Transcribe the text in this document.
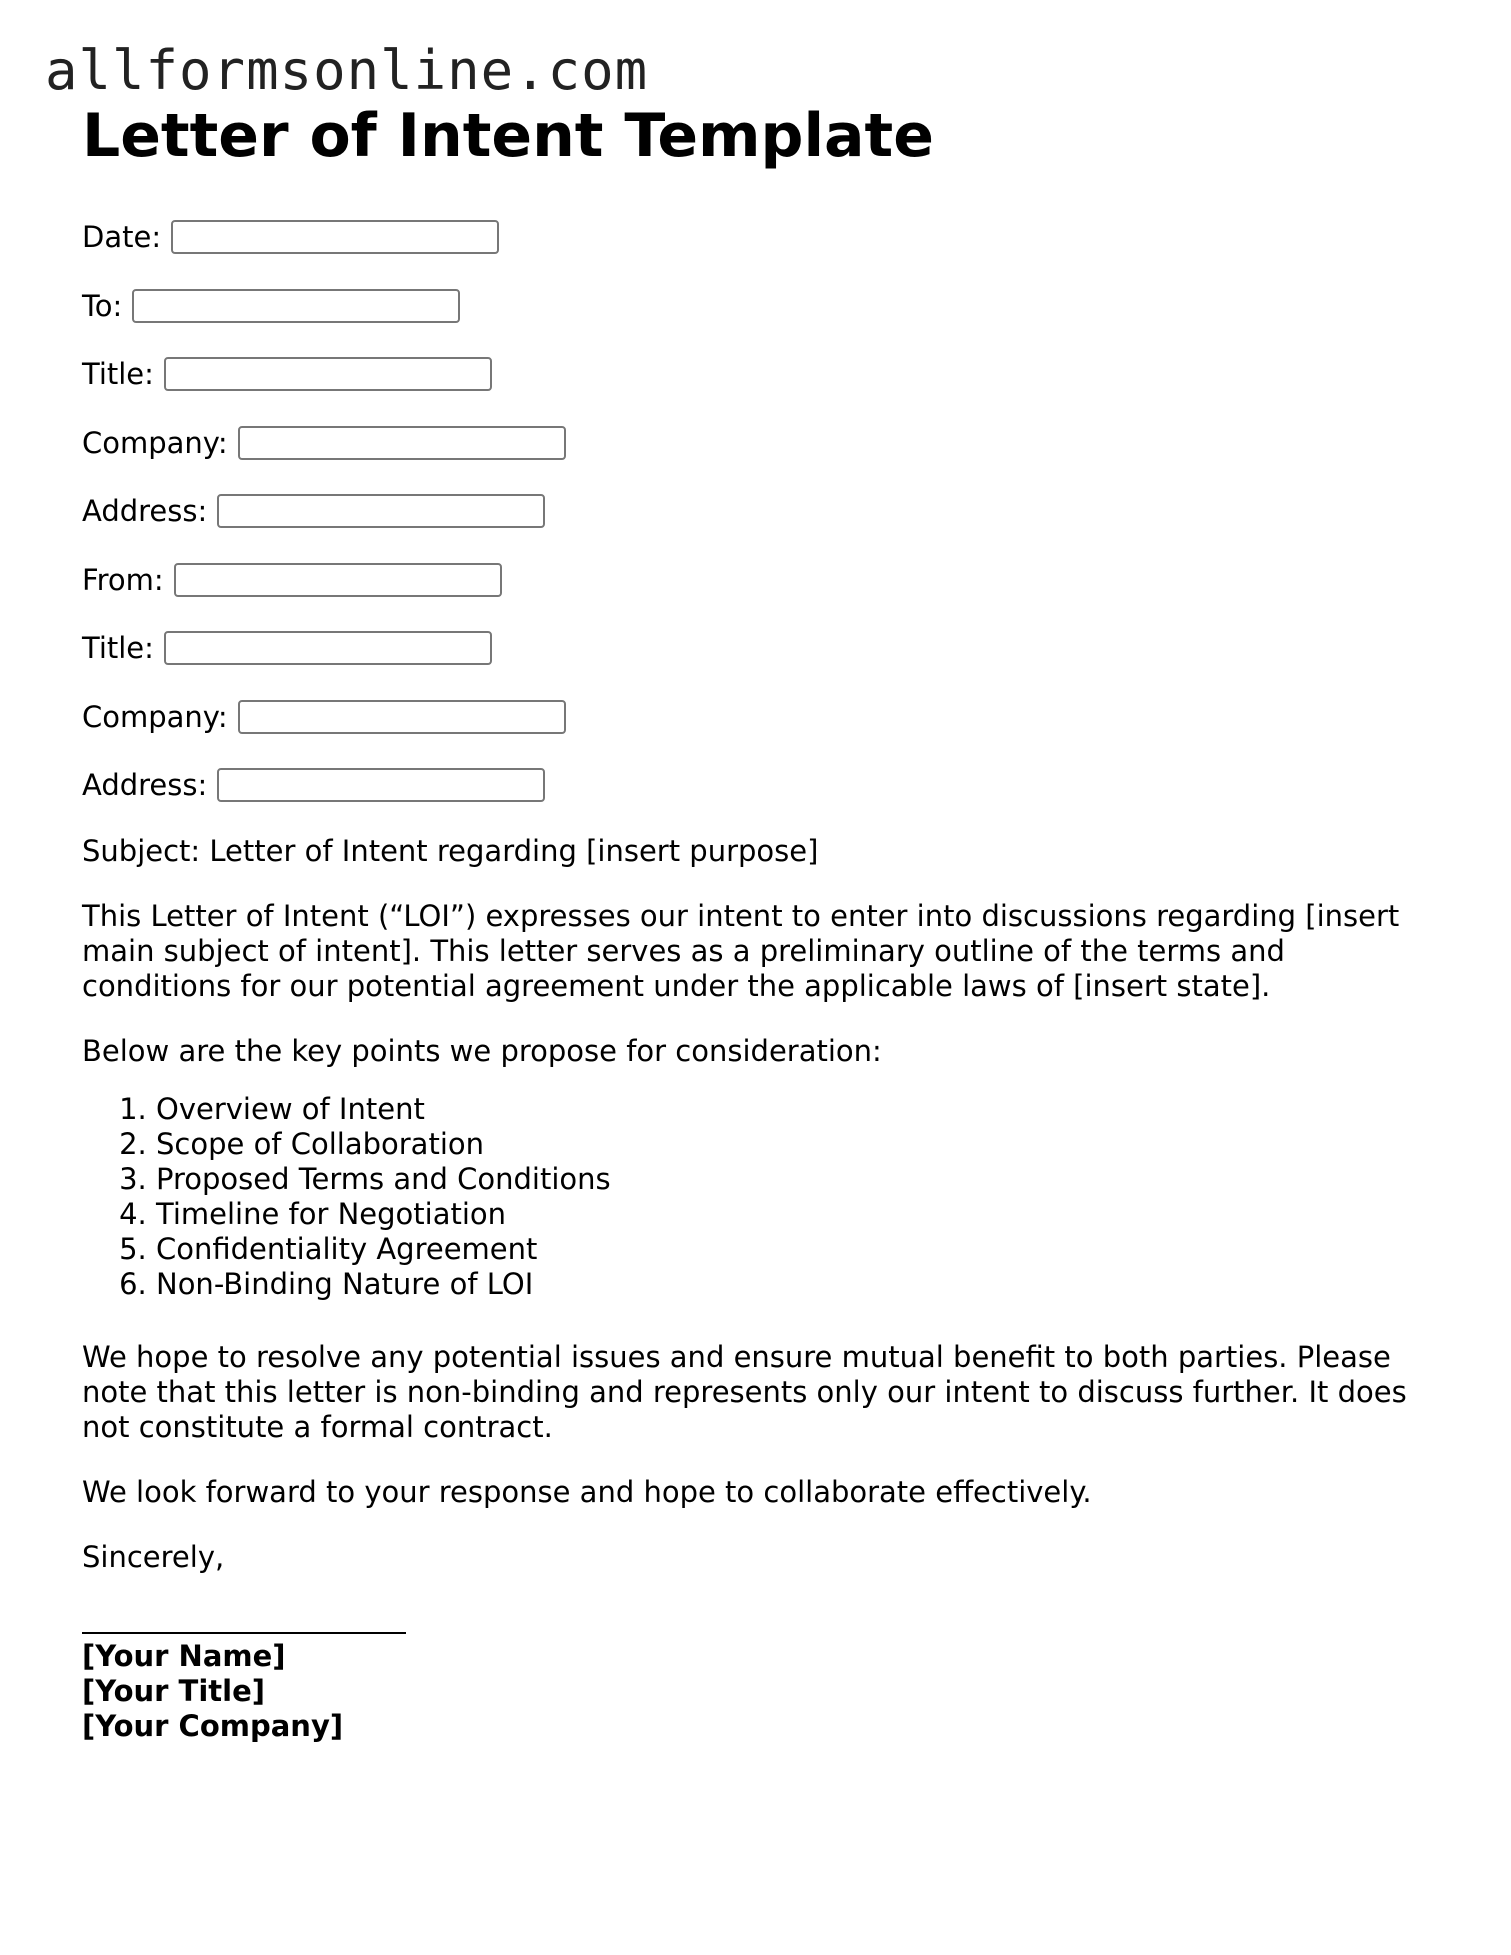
allformsonline.com
Letter of Intent Template
Date:
To:
Title:
Company:
Address:
From:
Title:
Company:
Address:

Subject: Letter of Intent regarding [insert purpose]

This Letter of Intent (“LOI”) expresses our intent to enter into discussions regarding [insert main subject of intent]. This letter serves as a preliminary outline of the terms and conditions for our potential agreement under the applicable laws of [insert state].

Below are the key points we propose for consideration:

1. Overview of Intent
2. Scope of Collaboration
3. Proposed Terms and Conditions
4. Timeline for Negotiation
5. Confidentiality Agreement
6. Non-Binding Nature of LOI

We hope to resolve any potential issues and ensure mutual benefit to both parties. Please note that this letter is non-binding and represents only our intent to discuss further. It does not constitute a formal contract.

We look forward to your response and hope to collaborate effectively.

Sincerely,

[Your Name]
[Your Title]
[Your Company]
